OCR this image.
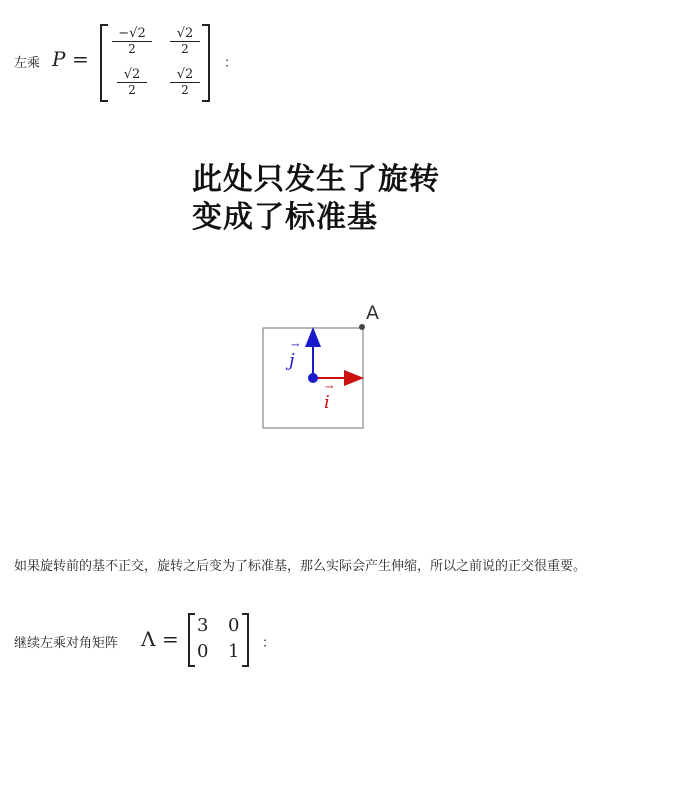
左乘 P =
$\frac{-√2}{2} \frac{√2}{2}$
$\frac{√2}{2} \frac{√2}{2}$
：
此处只发生了旋转
变成了标准基
A
→
j
→
i
如果旋转前的基不正交，旋转之后变为了标准基，那么实际会产生伸缩，所以之前说的正交很重要。
继续左乘对角矩阵 Λ =
3 0
0 1 ：
